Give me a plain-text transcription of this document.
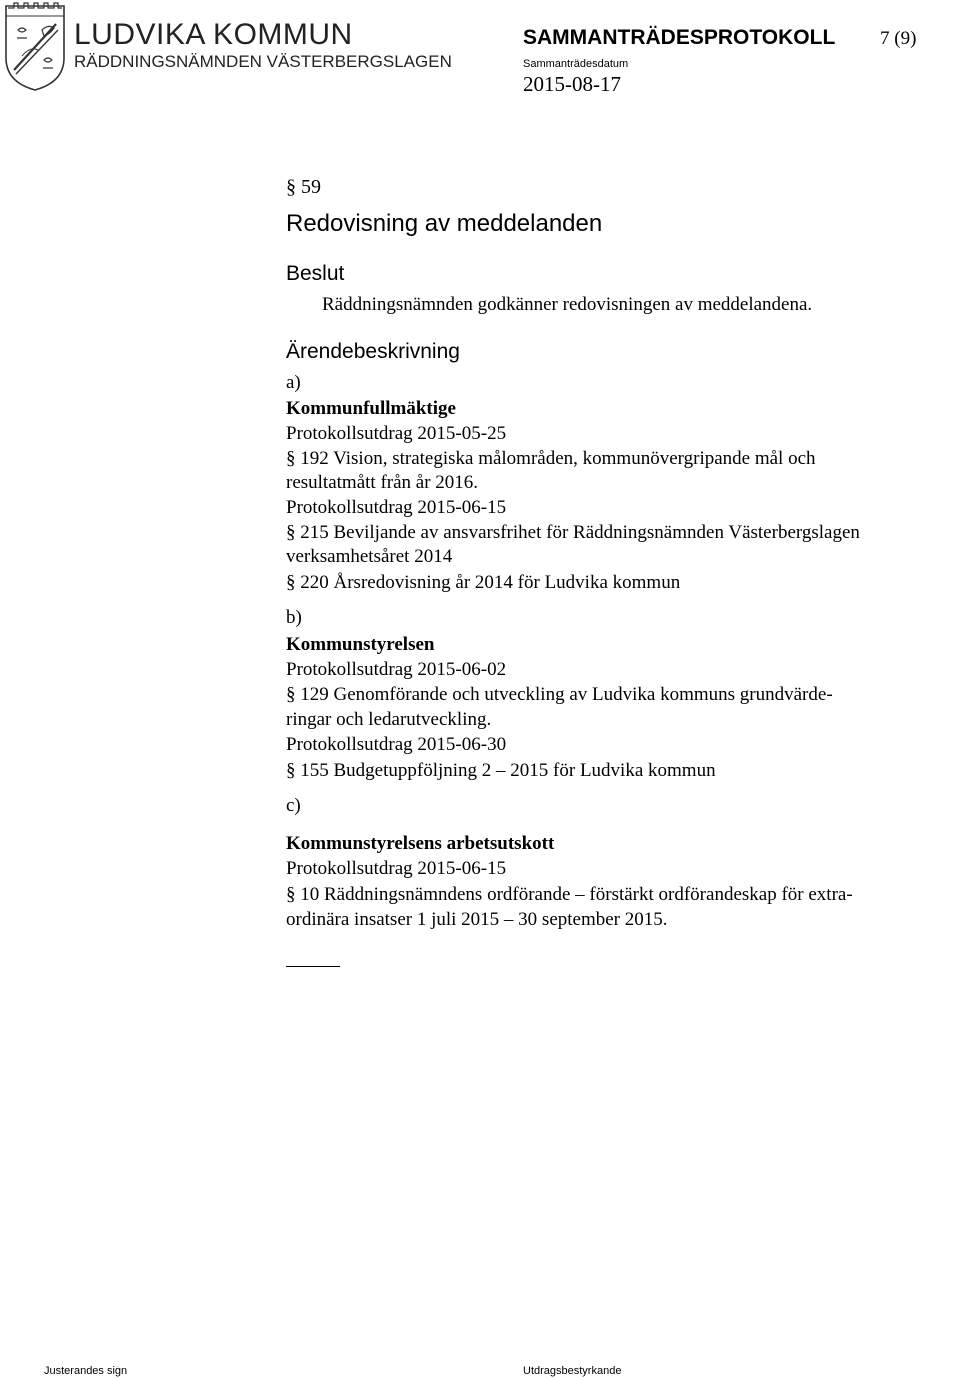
LUDVIKA KOMMUN
RÄDDNINGSNÄMNDEN VÄSTERBERGSLAGEN
SAMMANTRÄDESPROTOKOLL 7 (9)
Sammanträdesdatum
2015-08-17
§ 59
Redovisning av meddelanden
Beslut
Räddningsnämnden godkänner redovisningen av meddelandena.
Ärendebeskrivning
a)
Kommunfullmäktige
Protokollsutdrag 2015-05-25
§ 192 Vision, strategiska målområden, kommunövergripande mål och
resultatmått från år 2016.
Protokollsutdrag 2015-06-15
§ 215 Beviljande av ansvarsfrihet för Räddningsnämnden Västerbergslagen
verksamhetsåret 2014
§ 220 Årsredovisning år 2014 för Ludvika kommun
b)
Kommunstyrelsen
Protokollsutdrag 2015-06-02
§ 129 Genomförande och utveckling av Ludvika kommuns grundvärde-
ringar och ledarutveckling.
Protokollsutdrag 2015-06-30
§ 155 Budgetuppföljning 2 – 2015 för Ludvika kommun
c)
Kommunstyrelsens arbetsutskott
Protokollsutdrag 2015-06-15
§ 10 Räddningsnämndens ordförande – förstärkt ordförandeskap för extra-
ordinära insatser 1 juli 2015 – 30 september 2015.
Justerandes sign	Utdragsbestyrkande
